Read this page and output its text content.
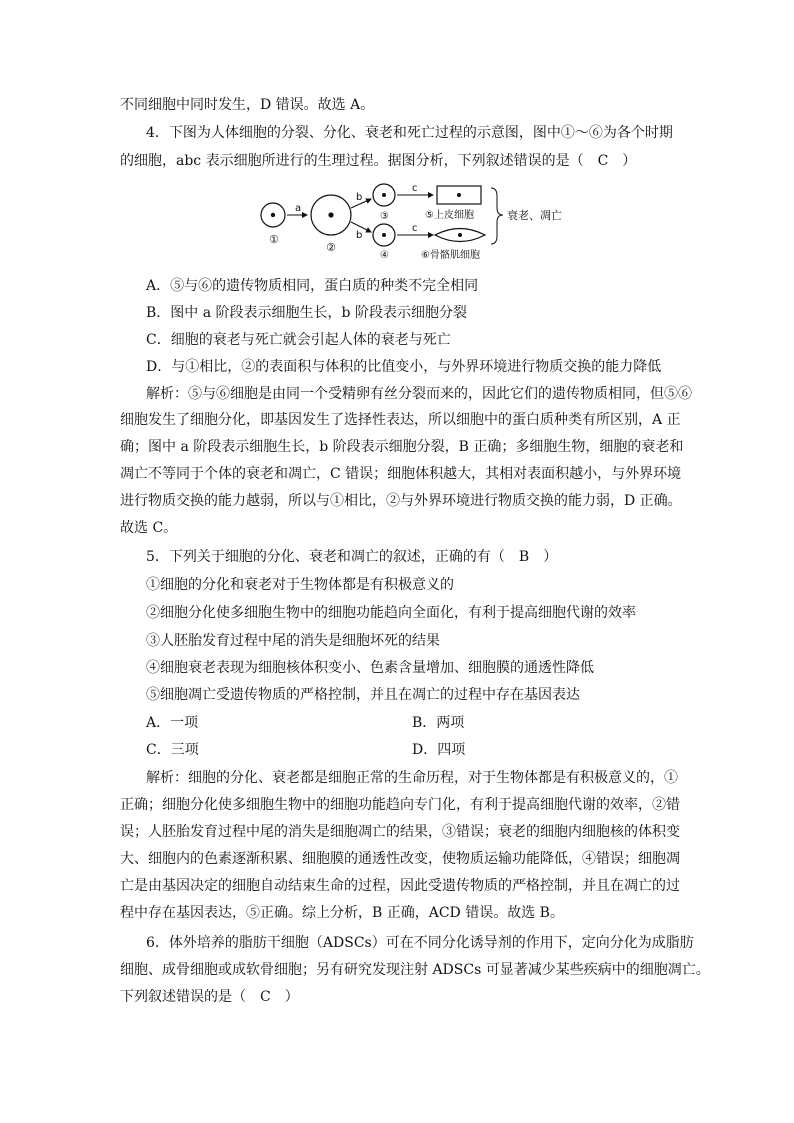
不同细胞中同时发生，D 错误。故选 A。
4．下图为人体细胞的分裂、分化、衰老和死亡过程的示意图，图中①～⑥为各个时期
的细胞，abc 表示细胞所进行的生理过程。据图分析，下列叙述错误的是（　C　）
①
a
②
b
b
③
④
c
c
⑤上皮细胞
⑥骨骼肌细胞
衰老、凋亡
A．⑤与⑥的遗传物质相同，蛋白质的种类不完全相同
B．图中 a 阶段表示细胞生长，b 阶段表示细胞分裂
C．细胞的衰老与死亡就会引起人体的衰老与死亡
D．与①相比，②的表面积与体积的比值变小，与外界环境进行物质交换的能力降低
解析：⑤与⑥细胞是由同一个受精卵有丝分裂而来的，因此它们的遗传物质相同，但⑤⑥
细胞发生了细胞分化，即基因发生了选择性表达，所以细胞中的蛋白质种类有所区别，A 正
确；图中 a 阶段表示细胞生长，b 阶段表示细胞分裂，B 正确；多细胞生物，细胞的衰老和
凋亡不等同于个体的衰老和凋亡，C 错误；细胞体积越大，其相对表面积越小，与外界环境
进行物质交换的能力越弱，所以与①相比，②与外界环境进行物质交换的能力弱，D 正确。
故选 C。
5．下列关于细胞的分化、衰老和凋亡的叙述，正确的有（　B　）
①细胞的分化和衰老对于生物体都是有积极意义的
②细胞分化使多细胞生物中的细胞功能趋向全面化，有利于提高细胞代谢的效率
③人胚胎发育过程中尾的消失是细胞坏死的结果
④细胞衰老表现为细胞核体积变小、色素含量增加、细胞膜的通透性降低
⑤细胞凋亡受遗传物质的严格控制，并且在凋亡的过程中存在基因表达
A．一项	B．两项
C．三项	D．四项
解析：细胞的分化、衰老都是细胞正常的生命历程，对于生物体都是有积极意义的，①
正确；细胞分化使多细胞生物中的细胞功能趋向专门化，有利于提高细胞代谢的效率，②错
误；人胚胎发育过程中尾的消失是细胞凋亡的结果，③错误；衰老的细胞内细胞核的体积变
大、细胞内的色素逐渐积累、细胞膜的通透性改变，使物质运输功能降低，④错误；细胞凋
亡是由基因决定的细胞自动结束生命的过程，因此受遗传物质的严格控制，并且在凋亡的过
程中存在基因表达，⑤正确。综上分析，B 正确，ACD 错误。故选 B。
6．体外培养的脂肪干细胞（ADSCs）可在不同分化诱导剂的作用下，定向分化为成脂肪
细胞、成骨细胞或成软骨细胞；另有研究发现注射 ADSCs 可显著减少某些疾病中的细胞凋亡。
下列叙述错误的是（　C　）
